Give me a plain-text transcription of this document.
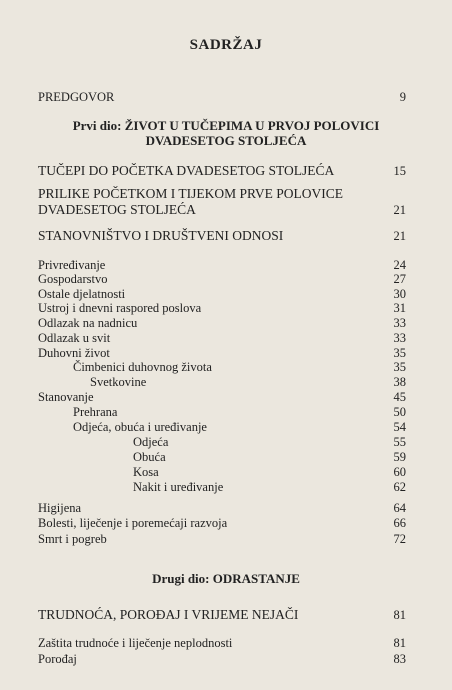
SADRŽAJ
Prvi dio: ŽIVOT U TUČEPIMA U PRVOJ POLOVICI
DVADESETOG STOLJEĆA
Drugi dio: ODRASTANJE
PREDGOVOR	9
TUČEPI DO POČETKA DVADESETOG STOLJEĆA	15
PRILIKE POČETKOM I TIJEKOM PRVE POLOVICE
DVADESETOG STOLJEĆA	21
STANOVNIŠTVO I DRUŠTVENI ODNOSI	21
Privređivanje	24
Gospodarstvo	27
Ostale djelatnosti	30
Ustroj i dnevni raspored poslova	31
Odlazak na nadnicu	33
Odlazak u svit	33
Duhovni život	35
Čimbenici duhovnog života	35
Svetkovine	38
Stanovanje	45
Prehrana	50
Odjeća, obuća i uređivanje	54
Odjeća	55
Obuća	59
Kosa	60
Nakit i uređivanje	62
Higijena	64
Bolesti, liječenje i poremećaji razvoja	66
Smrt i pogreb	72
TRUDNOĆA, POROĐAJ I VRIJEME NEJAČI	81
Zaštita trudnoće i liječenje neplodnosti	81
Porođaj	83
